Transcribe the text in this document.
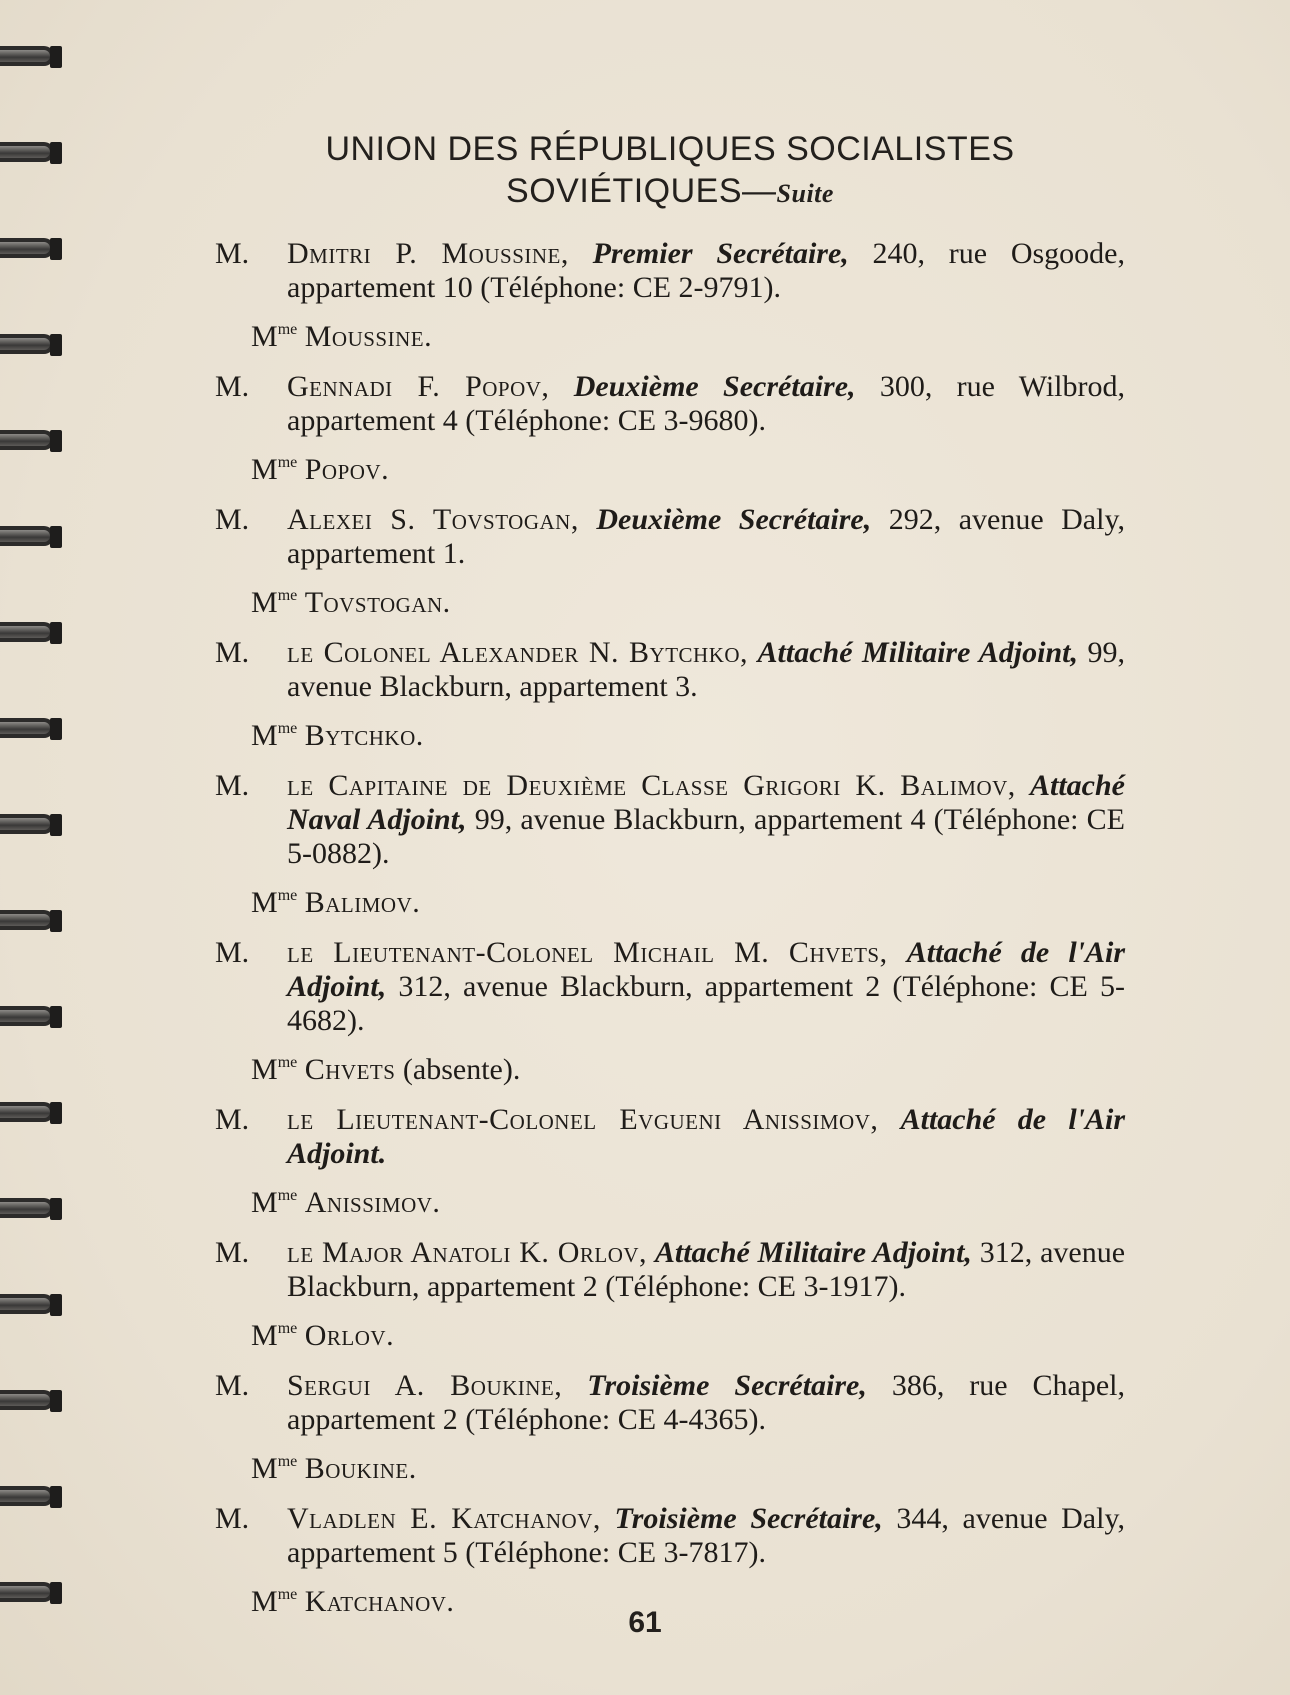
UNION DES RÉPUBLIQUES SOCIALISTES
SOVIÉTIQUES—Suite
M. Dmitri P. Moussine, Premier Secrétaire, 240, rue Osgoode, appartement 10 (Téléphone: CE 2-9791).
$M^{me}$ Moussine.
M. Gennadi F. Popov, Deuxième Secrétaire, 300, rue Wilbrod, appartement 4 (Téléphone: CE 3-9680).
$M^{me}$ Popov.
M. Alexei S. Tovstogan, Deuxième Secrétaire, 292, avenue Daly, appartement 1.
$M^{me}$ Tovstogan.
M. le Colonel Alexander N. Bytchko, Attaché Militaire Adjoint, 99, avenue Blackburn, appartement 3.
$M^{me}$ Bytchko.
M. le Capitaine de Deuxième Classe Grigori K. Balimov, Attaché Naval Adjoint, 99, avenue Blackburn, appartement 4 (Téléphone: CE 5-0882).
$M^{me}$ Balimov.
M. le Lieutenant-Colonel Michail M. Chvets, Attaché de l'Air Adjoint, 312, avenue Blackburn, appartement 2 (Téléphone: CE 5-4682).
$M^{me}$ Chvets (absente).
M. le Lieutenant-Colonel Evgueni Anissimov, Attaché de l'Air Adjoint.
$M^{me}$ Anissimov.
M. le Major Anatoli K. Orlov, Attaché Militaire Adjoint, 312, avenue Blackburn, appartement 2 (Téléphone: CE 3-1917).
$M^{me}$ Orlov.
M. Sergui A. Boukine, Troisième Secrétaire, 386, rue Chapel, appartement 2 (Téléphone: CE 4-4365).
$M^{me}$ Boukine.
M. Vladlen E. Katchanov, Troisième Secrétaire, 344, avenue Daly, appartement 5 (Téléphone: CE 3-7817).
$M^{me}$ Katchanov.
61
